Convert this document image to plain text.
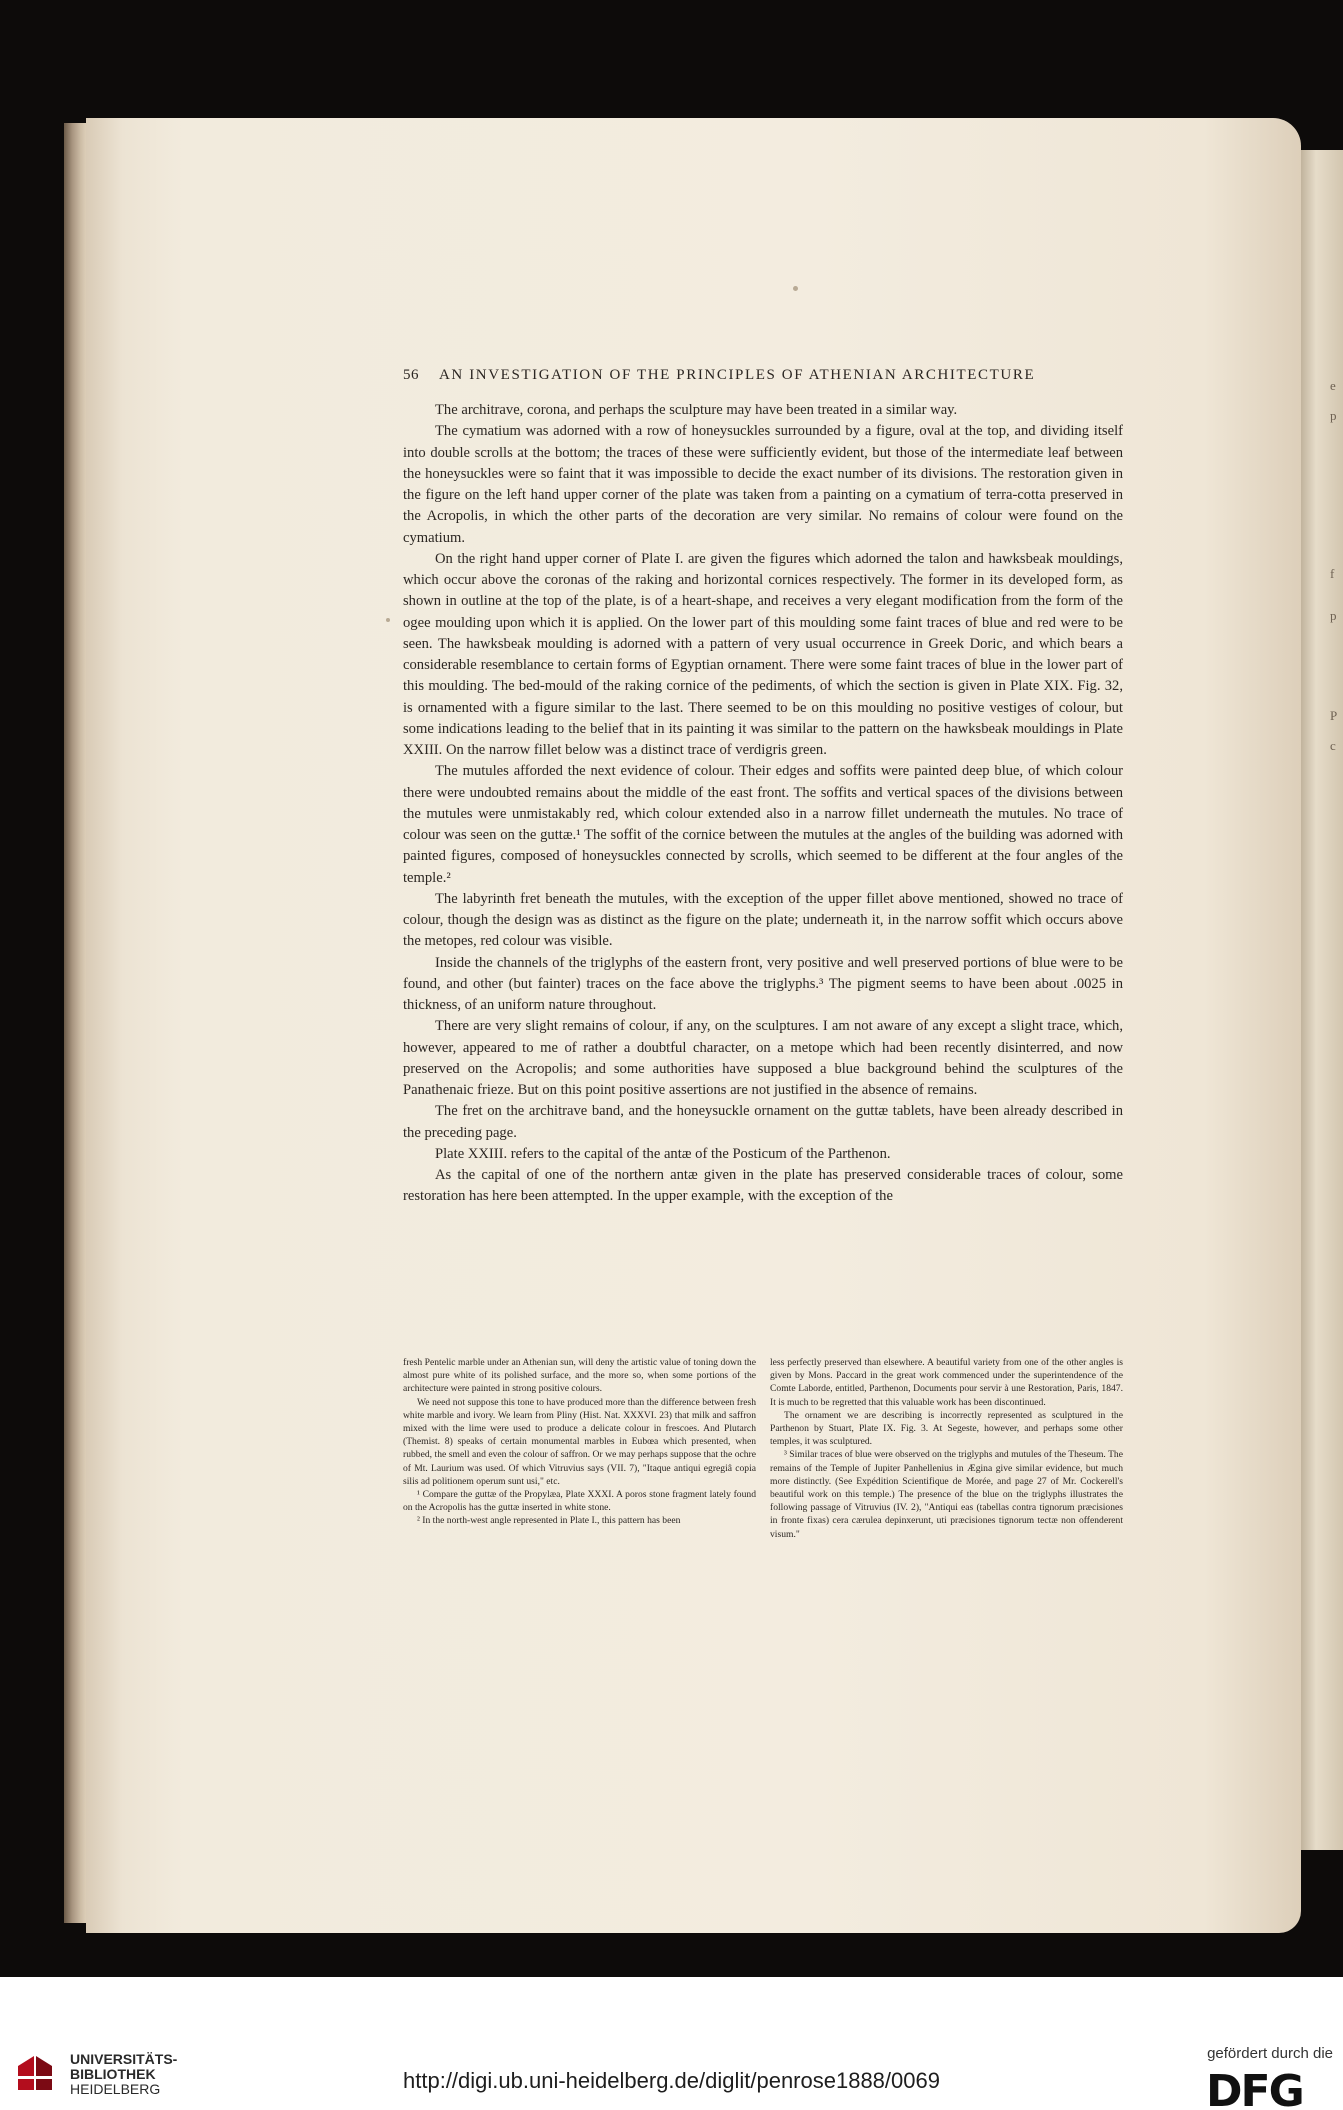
e
p
f
p
P
c
56 AN INVESTIGATION OF THE PRINCIPLES OF ATHENIAN ARCHITECTURE

The architrave, corona, and perhaps the sculpture may have been treated in a similar way.

The cymatium was adorned with a row of honeysuckles surrounded by a figure, oval at the top, and dividing itself into double scrolls at the bottom; the traces of these were sufficiently evident, but those of the intermediate leaf between the honeysuckles were so faint that it was impossible to decide the exact number of its divisions. The restoration given in the figure on the left hand upper corner of the plate was taken from a painting on a cymatium of terra-cotta preserved in the Acropolis, in which the other parts of the decoration are very similar. No remains of colour were found on the cymatium.

On the right hand upper corner of Plate I. are given the figures which adorned the talon and hawksbeak mouldings, which occur above the coronas of the raking and horizontal cornices respectively. The former in its developed form, as shown in outline at the top of the plate, is of a heart-shape, and receives a very elegant modification from the form of the ogee moulding upon which it is applied. On the lower part of this moulding some faint traces of blue and red were to be seen. The hawksbeak moulding is adorned with a pattern of very usual occurrence in Greek Doric, and which bears a considerable resemblance to certain forms of Egyptian ornament. There were some faint traces of blue in the lower part of this moulding. The bed-mould of the raking cornice of the pediments, of which the section is given in Plate XIX. Fig. 32, is ornamented with a figure similar to the last. There seemed to be on this moulding no positive vestiges of colour, but some indications leading to the belief that in its painting it was similar to the pattern on the hawksbeak mouldings in Plate XXIII. On the narrow fillet below was a distinct trace of verdigris green.

The mutules afforded the next evidence of colour. Their edges and soffits were painted deep blue, of which colour there were undoubted remains about the middle of the east front. The soffits and vertical spaces of the divisions between the mutules were unmistakably red, which colour extended also in a narrow fillet underneath the mutules. No trace of colour was seen on the guttæ.¹ The soffit of the cornice between the mutules at the angles of the building was adorned with painted figures, composed of honeysuckles connected by scrolls, which seemed to be different at the four angles of the temple.²

The labyrinth fret beneath the mutules, with the exception of the upper fillet above mentioned, showed no trace of colour, though the design was as distinct as the figure on the plate; underneath it, in the narrow soffit which occurs above the metopes, red colour was visible.

Inside the channels of the triglyphs of the eastern front, very positive and well preserved portions of blue were to be found, and other (but fainter) traces on the face above the triglyphs.³ The pigment seems to have been about .0025 in thickness, of an uniform nature throughout.

There are very slight remains of colour, if any, on the sculptures. I am not aware of any except a slight trace, which, however, appeared to me of rather a doubtful character, on a metope which had been recently disinterred, and now preserved on the Acropolis; and some authorities have supposed a blue background behind the sculptures of the Panathenaic frieze. But on this point positive assertions are not justified in the absence of remains.

The fret on the architrave band, and the honeysuckle ornament on the guttæ tablets, have been already described in the preceding page.

Plate XXIII. refers to the capital of the antæ of the Posticum of the Parthenon.

As the capital of one of the northern antæ given in the plate has preserved considerable traces of colour, some restoration has here been attempted. In the upper example, with the exception of the

fresh Pentelic marble under an Athenian sun, will deny the artistic value of toning down the almost pure white of its polished surface, and the more so, when some portions of the architecture were painted in strong positive colours.

We need not suppose this tone to have produced more than the difference between fresh white marble and ivory. We learn from Pliny (Hist. Nat. XXXVI. 23) that milk and saffron mixed with the lime were used to produce a delicate colour in frescoes. And Plutarch (Themist. 8) speaks of certain monumental marbles in Eubœa which presented, when rubbed, the smell and even the colour of saffron. Or we may perhaps suppose that the ochre of Mt. Laurium was used. Of which Vitruvius says (VII. 7), "Itaque antiqui egregiâ copia silis ad politionem operum sunt usi," etc.

¹ Compare the guttæ of the Propylæa, Plate XXXI. A poros stone fragment lately found on the Acropolis has the guttæ inserted in white stone.

² In the north-west angle represented in Plate I., this pattern has been

less perfectly preserved than elsewhere. A beautiful variety from one of the other angles is given by Mons. Paccard in the great work commenced under the superintendence of the Comte Laborde, entitled, Parthenon, Documents pour servir à une Restoration, Paris, 1847. It is much to be regretted that this valuable work has been discontinued.

The ornament we are describing is incorrectly represented as sculptured in the Parthenon by Stuart, Plate IX. Fig. 3. At Segeste, however, and perhaps some other temples, it was sculptured.

³ Similar traces of blue were observed on the triglyphs and mutules of the Theseum. The remains of the Temple of Jupiter Panhellenius in Ægina give similar evidence, but much more distinctly. (See Expédition Scientifique de Morée, and page 27 of Mr. Cockerell's beautiful work on this temple.) The presence of the blue on the triglyphs illustrates the following passage of Vitruvius (IV. 2), "Antiqui eas (tabellas contra tignorum præcisiones in fronte fixas) cera cærulea depinxerunt, uti præcisiones tignorum tectæ non offenderent visum."

UNIVERSITÄTS-
BIBLIOTHEK
HEIDELBERG	http://digi.ub.uni-heidelberg.de/diglit/penrose1888/0069
gefördert durch die
DFG
